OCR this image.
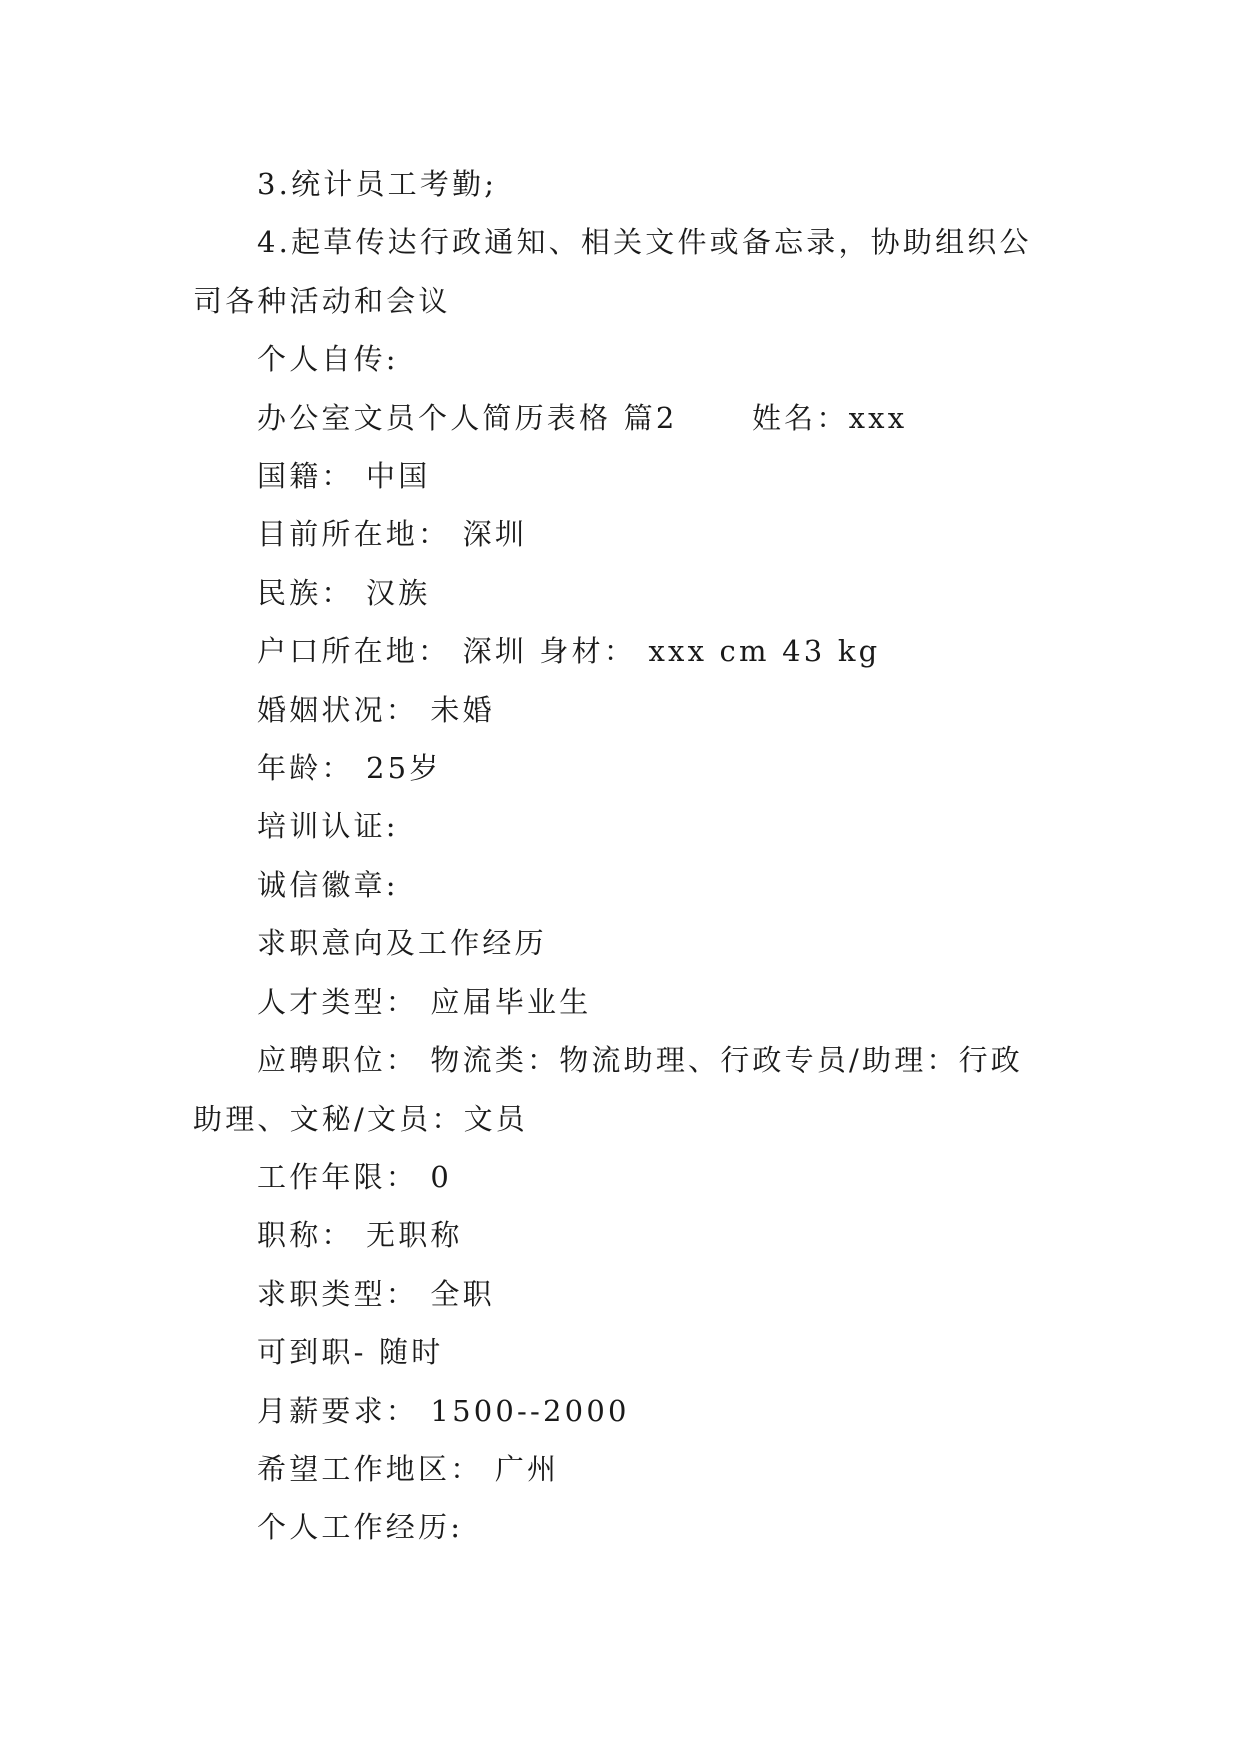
3.统计员工考勤;

4.起草传达行政通知、相关文件或备忘录，协助组织公司各种活动和会议

个人自传:

办公室文员个人简历表格 篇2      姓名：xxx

国籍： 中国

目前所在地： 深圳

民族： 汉族

户口所在地： 深圳 身材： xxx cm 43 kg

婚姻状况： 未婚

年龄： 25岁

培训认证:

诚信徽章:

求职意向及工作经历

人才类型： 应届毕业生

应聘职位： 物流类：物流助理、行政专员/助理：行政助理、文秘/文员：文员

工作年限： 0

职称： 无职称

求职类型： 全职

可到职- 随时

月薪要求： 1500--2000

希望工作地区： 广州

个人工作经历:
